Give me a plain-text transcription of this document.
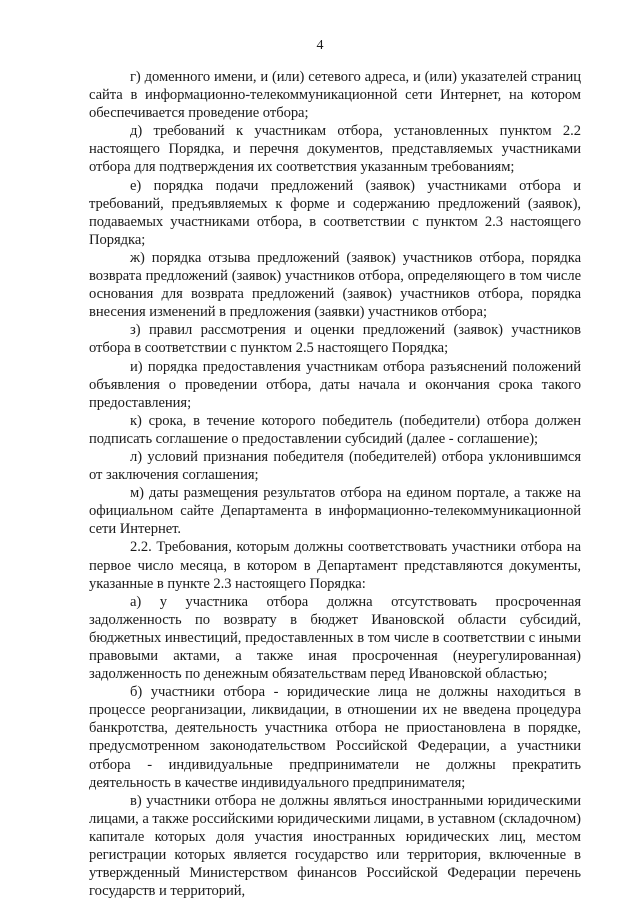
4

г) доменного имени, и (или) сетевого адреса, и (или) указателей страниц сайта в информационно-телекоммуникационной сети Интернет, на котором обеспечивается проведение отбора;

д) требований к участникам отбора, установленных пунктом 2.2 настоящего Порядка, и перечня документов, представляемых участниками отбора для подтверждения их соответствия указанным требованиям;

е) порядка подачи предложений (заявок) участниками отбора и требований, предъявляемых к форме и содержанию предложений (заявок), подаваемых участниками отбора, в соответствии с пунктом 2.3 настоящего Порядка;

ж) порядка отзыва предложений (заявок) участников отбора, порядка возврата предложений (заявок) участников отбора, определяющего в том числе основания для возврата предложений (заявок) участников отбора, порядка внесения изменений в предложения (заявки) участников отбора;

з) правил рассмотрения и оценки предложений (заявок) участников отбора в соответствии с пунктом 2.5 настоящего Порядка;

и) порядка предоставления участникам отбора разъяснений положений объявления о проведении отбора, даты начала и окончания срока такого предоставления;

к) срока, в течение которого победитель (победители) отбора должен подписать соглашение о предоставлении субсидий (далее - соглашение);

л) условий признания победителя (победителей) отбора уклонившимся от заключения соглашения;

м) даты размещения результатов отбора на едином портале, а также на официальном сайте Департамента в информационно-телекоммуникационной сети Интернет.

2.2. Требования, которым должны соответствовать участники отбора на первое число месяца, в котором в Департамент представляются документы, указанные в пункте 2.3 настоящего Порядка:

а) у участника отбора должна отсутствовать просроченная задолженность по возврату в бюджет Ивановской области субсидий, бюджетных инвестиций, предоставленных в том числе в соответствии с иными правовыми актами, а также иная просроченная (неурегулированная) задолженность по денежным обязательствам перед Ивановской областью;

б) участники отбора - юридические лица не должны находиться в процессе реорганизации, ликвидации, в отношении их не введена процедура банкротства, деятельность участника отбора не приостановлена в порядке, предусмотренном законодательством Российской Федерации, а участники отбора - индивидуальные предприниматели не должны прекратить деятельность в качестве индивидуального предпринимателя;

в) участники отбора не должны являться иностранными юридическими лицами, а также российскими юридическими лицами, в уставном (складочном) капитале которых доля участия иностранных юридических лиц, местом регистрации которых является государство или территория, включенные в утвержденный Министерством финансов Российской Федерации перечень государств и территорий,
